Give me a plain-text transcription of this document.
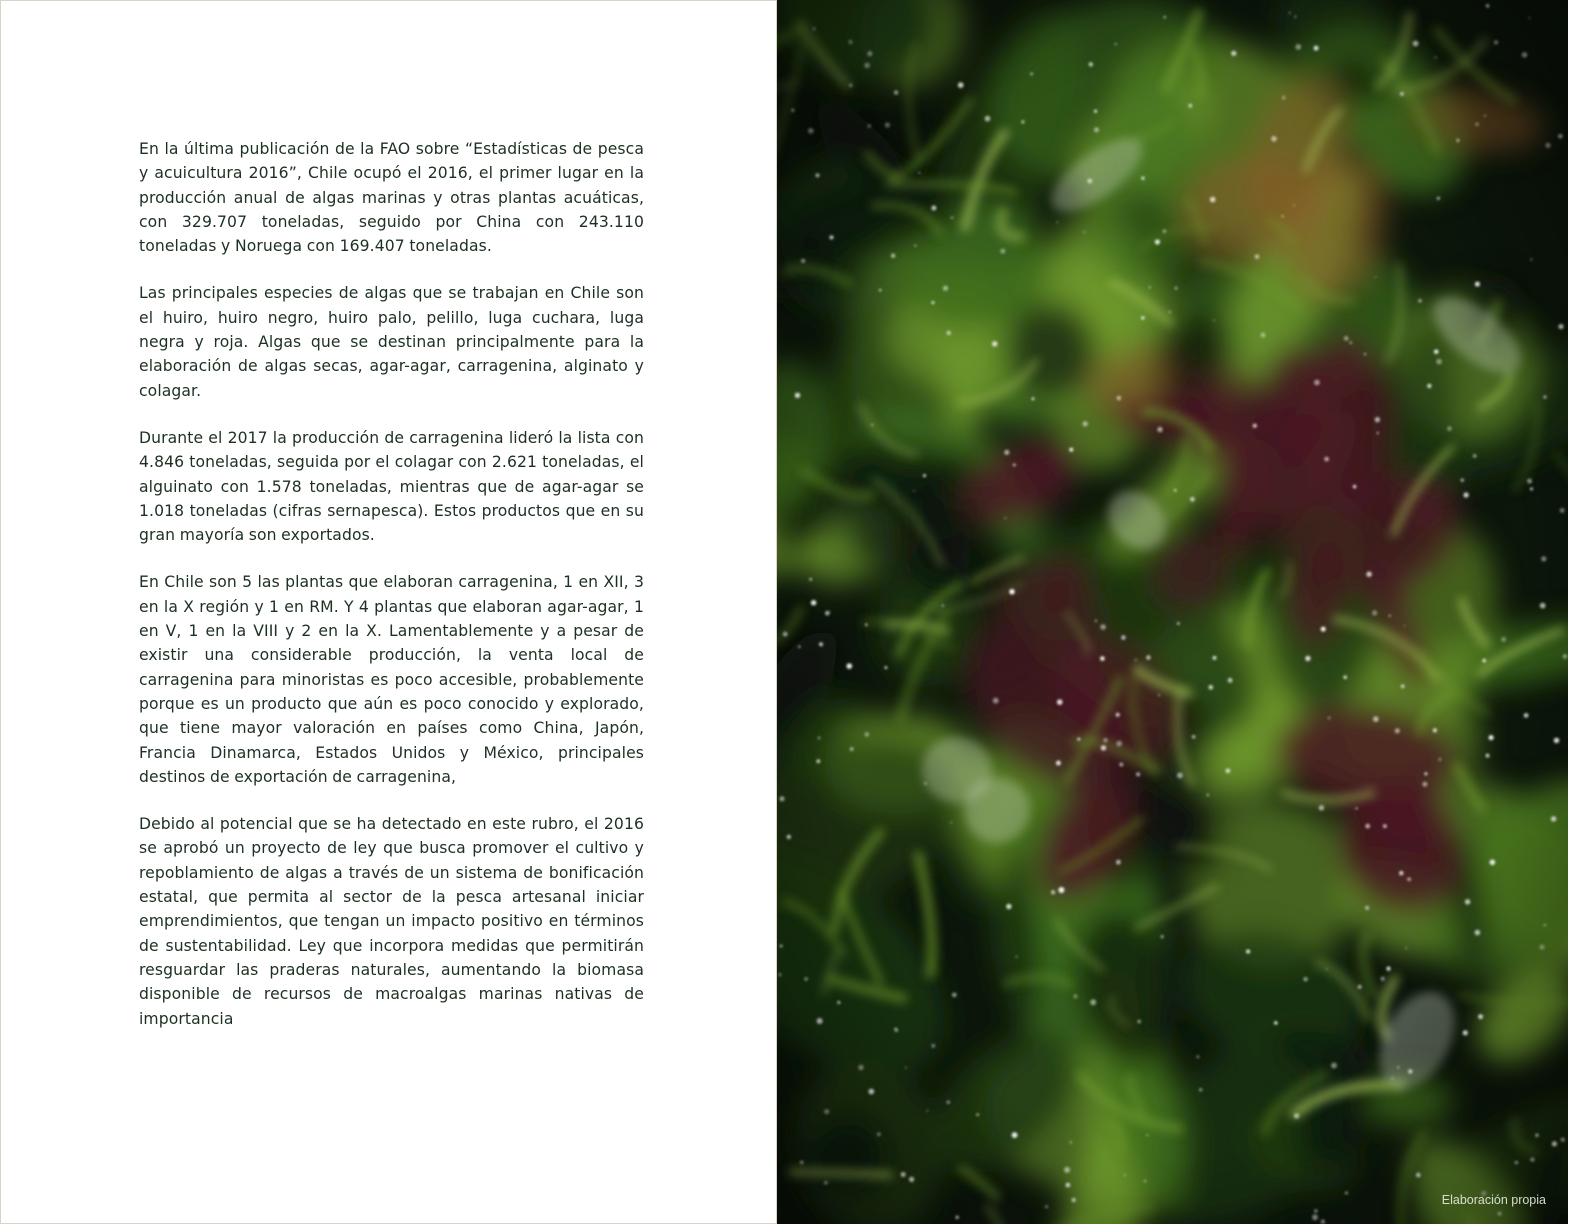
En la última publicación de la FAO sobre “Estadísticas de pesca y acuicultura 2016”, Chile ocupó el 2016, el primer lugar en la producción anual de algas marinas y otras plantas acuáticas, con 329.707 toneladas, seguido por China con 243.110 toneladas y Noruega con 169.407 toneladas.

Las principales especies de algas que se trabajan en Chile son el huiro, huiro negro, huiro palo, pelillo, luga cuchara, luga negra y roja. Algas que se destinan principalmente para la elaboración de algas secas, agar-agar, carragenina, alginato y colagar.

Durante el 2017 la producción de carragenina lideró la lista con 4.846 toneladas, seguida por el colagar con 2.621 toneladas, el alguinato con 1.578 toneladas, mientras que de agar-agar se 1.018 toneladas (cifras sernapesca). Estos productos que en su gran mayoría son exportados.

En Chile son 5 las plantas que elaboran carragenina, 1 en XII, 3 en la X región y 1 en RM. Y 4 plantas que elaboran agar-agar, 1 en V, 1 en la VIII y 2 en la X. Lamentablemente y a pesar de existir una considerable producción, la venta local de carragenina para minoristas es poco accesible, probablemente porque es un producto que aún es poco conocido y explorado, que tiene mayor valoración en países como China, Japón, Francia Dinamarca, Estados Unidos y México, principales destinos de exportación de carragenina,

Debido al potencial que se ha detectado en este rubro, el 2016 se aprobó un proyecto de ley que busca promover el cultivo y repoblamiento de algas a través de un sistema de bonificación estatal, que permita al sector de la pesca artesanal iniciar emprendimientos, que tengan un impacto positivo en términos de sustentabilidad. Ley que incorpora medidas que permitirán resguardar las praderas naturales, aumentando la biomasa disponible de recursos de macroalgas marinas nativas de importancia

Elaboración propia
